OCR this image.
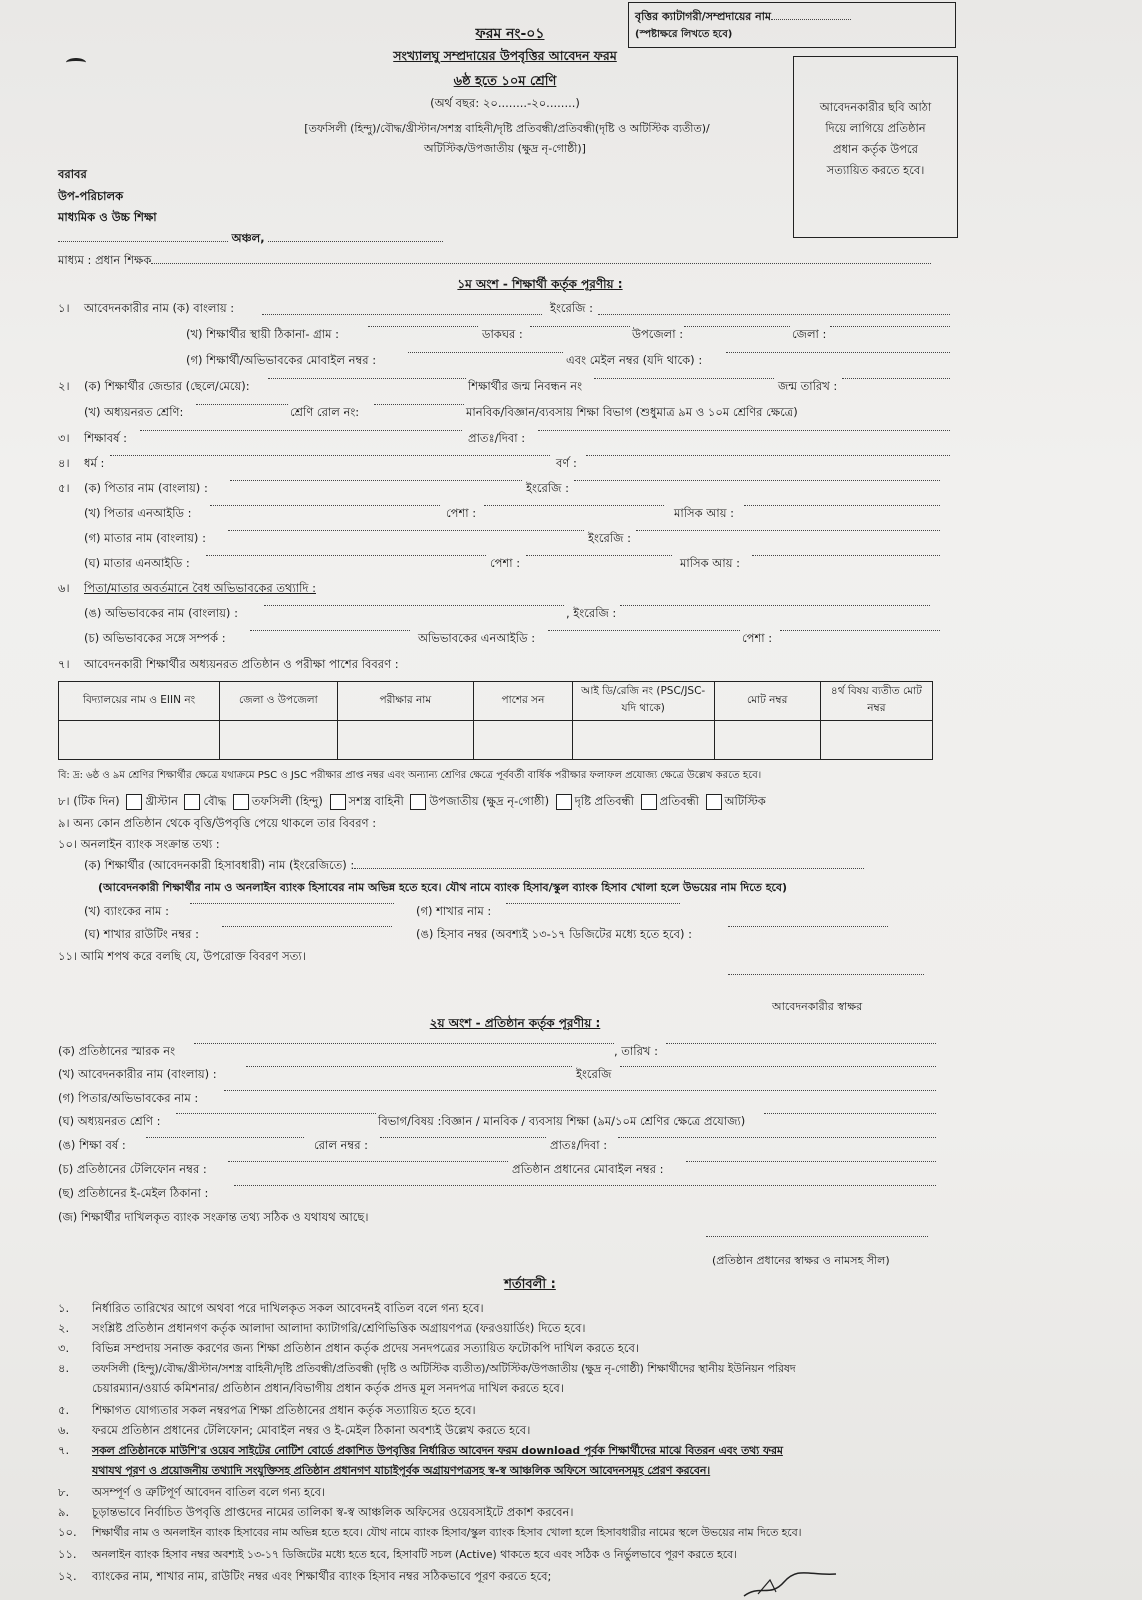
ফরম নং-০১
বৃত্তির ক্যাটাগরী/সম্প্রদায়ের নাম
(স্পষ্টাক্ষরে লিখতে হবে)
সংখ্যালঘু সম্প্রদায়ের উপবৃত্তির আবেদন ফরম
৬ষ্ঠ হতে ১০ম শ্রেণি
(অর্থ বছর: ২০........-২০........)
[তফসিলী (হিন্দু)/বৌদ্ধ/খ্রীস্টান/সশস্ত্র বাহিনী/দৃষ্টি প্রতিবন্ধী/প্রতিবন্ধী(দৃষ্টি ও অটিস্টিক ব্যতীত)/
অটিস্টিক/উপজাতীয় (ক্ষুদ্র নৃ-গোষ্ঠী)]
আবেদনকারীর ছবি আঠা
দিয়ে লাগিয়ে প্রতিষ্ঠান
প্রধান কর্তৃক উপরে
সত্যায়িত করতে হবে।
বরাবর
উপ-পরিচালক
মাধ্যমিক ও উচ্চ শিক্ষা
অঞ্চল,
মাধ্যম : প্রধান শিক্ষক
১ম অংশ - শিক্ষার্থী কর্তৃক পূরণীয় :
১। আবেদনকারীর নাম (ক) বাংলায় :	ইংরেজি :
(খ) শিক্ষার্থীর স্থায়ী ঠিকানা- গ্রাম :	ডাকঘর :	উপজেলা :	জেলা :
(গ) শিক্ষার্থী/অভিভাবকের মোবাইল নম্বর :	এবং মেইল নম্বর (যদি থাকে) :
২। (ক) শিক্ষার্থীর জেন্ডার (ছেলে/মেয়ে):	শিক্ষার্থীর জন্ম নিবন্ধন নং	জন্ম তারিখ :
(খ) অধ্যয়নরত শ্রেণি:	শ্রেণি রোল নং:	মানবিক/বিজ্ঞান/ব্যবসায় শিক্ষা বিভাগ (শুধুমাত্র ৯ম ও ১০ম শ্রেণির ক্ষেত্রে)
৩। শিক্ষাবর্ষ :	প্রাতঃ/দিবা :
৪। ধর্ম :	বর্ণ :
৫। (ক) পিতার নাম (বাংলায়) :	ইংরেজি :
(খ) পিতার এনআইডি :	পেশা :	মাসিক আয় :
(গ) মাতার নাম (বাংলায়) :	ইংরেজি :
(ঘ) মাতার এনআইডি :	পেশা :	মাসিক আয় :
৬। পিতা/মাতার অবর্তমানে বৈধ অভিভাবকের তথ্যাদি :
(ঙ) অভিভাবকের নাম (বাংলায়) :	, ইংরেজি :
(চ) অভিভাবকের সঙ্গে সম্পর্ক :	অভিভাবকের এনআইডি :	পেশা :
৭। আবেদনকারী শিক্ষার্থীর অধ্যয়নরত প্রতিষ্ঠান ও পরীক্ষা পাশের বিবরণ :
বিদ্যালয়ের নাম ও EIIN নং	জেলা ও উপজেলা	পরীক্ষার নাম	পাশের সন	আই ডি/রেজি নং (PSC/JSC- যদি থাকে)	মোট নম্বর	৪র্থ বিষয় ব্যতীত মোট নম্বর

বি: দ্র: ৬ষ্ঠ ও ৯ম শ্রেণির শিক্ষার্থীর ক্ষেত্রে যথাক্রমে PSC ও JSC পরীক্ষার প্রাপ্ত নম্বর এবং অন্যান্য শ্রেণির ক্ষেত্রে পূর্ববর্তী বার্ষিক পরীক্ষার ফলাফল প্রযোজ্য ক্ষেত্রে উল্লেখ করতে হবে।
৮। (টিক দিন) খ্রীস্টান বৌদ্ধ তফসিলী (হিন্দু) সশস্ত্র বাহিনী উপজাতীয় (ক্ষুদ্র নৃ-গোষ্ঠী) দৃষ্টি প্রতিবন্ধী প্রতিবন্ধী অটিস্টিক
৯। অন্য কোন প্রতিষ্ঠান থেকে বৃত্তি/উপবৃত্তি পেয়ে থাকলে তার বিবরণ :
১০। অনলাইন ব্যাংক সংক্রান্ত তথ্য :
(ক) শিক্ষার্থীর (আবেদনকারী হিসাবধারী) নাম (ইংরেজিতে) :
(আবেদনকারী শিক্ষার্থীর নাম ও অনলাইন ব্যাংক হিসাবের নাম অভিন্ন হতে হবে। যৌথ নামে ব্যাংক হিসাব/স্কুল ব্যাংক হিসাব খোলা হলে উভয়ের নাম দিতে হবে)
(খ) ব্যাংকের নাম :	(গ) শাখার নাম :
(ঘ) শাখার রাউটিং নম্বর :	(ঙ) হিসাব নম্বর (অবশ্যই ১৩-১৭ ডিজিটের মধ্যে হতে হবে) :
১১। আমি শপথ করে বলছি যে, উপরোক্ত বিবরণ সত্য।
আবেদনকারীর স্বাক্ষর
২য় অংশ - প্রতিষ্ঠান কর্তৃক পূরণীয় :
(ক) প্রতিষ্ঠানের স্মারক নং	, তারিখ :
(খ) আবেদনকারীর নাম (বাংলায়) :	ইংরেজি
(গ) পিতার/অভিভাবকের নাম :
(ঘ) অধ্যয়নরত শ্রেণি :	বিভাগ/বিষয় :বিজ্ঞান / মানবিক / ব্যবসায় শিক্ষা (৯ম/১০ম শ্রেণির ক্ষেত্রে প্রযোজ্য)
(ঙ) শিক্ষা বর্ষ :	রোল নম্বর :	প্রাতঃ/দিবা :
(চ) প্রতিষ্ঠানের টেলিফোন নম্বর :	প্রতিষ্ঠান প্রধানের মোবাইল নম্বর :
(ছ) প্রতিষ্ঠানের ই-মেইল ঠিকানা :
(জ) শিক্ষার্থীর দাখিলকৃত ব্যাংক সংক্রান্ত তথ্য সঠিক ও যথাযথ আছে।
(প্রতিষ্ঠান প্রধানের স্বাক্ষর ও নামসহ সীল)
শর্তাবলী :
১. নির্ধারিত তারিখের আগে অথবা পরে দাখিলকৃত সকল আবেদনই বাতিল বলে গন্য হবে।
২. সংশ্লিষ্ট প্রতিষ্ঠান প্রধানগণ কর্তৃক আলাদা আলাদা ক্যাটাগরি/শ্রেণিভিত্তিক অগ্রায়ণপত্র (ফরওয়ার্ডিং) দিতে হবে।
৩. বিভিন্ন সম্প্রদায় সনাক্ত করণের জন্য শিক্ষা প্রতিষ্ঠান প্রধান কর্তৃক প্রদেয় সনদপত্রের সত্যায়িত ফটোকপি দাখিল করতে হবে।
৪. তফসিলী (হিন্দু)/বৌদ্ধ/খ্রীস্টান/সশস্ত্র বাহিনী/দৃষ্টি প্রতিবন্ধী/প্রতিবন্ধী (দৃষ্টি ও অটিস্টিক ব্যতীত)/অটিস্টিক/উপজাতীয় (ক্ষুদ্র নৃ-গোষ্ঠী) শিক্ষার্থীদের স্থানীয় ইউনিয়ন পরিষদ
চেয়ারম্যান/ওয়ার্ড কমিশনার/ প্রতিষ্ঠান প্রধান/বিভাগীয় প্রধান কর্তৃক প্রদত্ত মূল সনদপত্র দাখিল করতে হবে।
৫. শিক্ষাগত যোগ্যতার সকল নম্বরপত্র শিক্ষা প্রতিষ্ঠানের প্রধান কর্তৃক সত্যায়িত হতে হবে।
৬. ফরমে প্রতিষ্ঠান প্রধানের টেলিফোন; মোবাইল নম্বর ও ই-মেইল ঠিকানা অবশ্যই উল্লেখ করতে হবে।
৭. সকল প্রতিষ্ঠানকে মাউশি'র ওয়েব সাইটের নোটিশ বোর্ডে প্রকাশিত উপবৃত্তির নির্ধারিত আবেদন ফরম download পূর্বক শিক্ষার্থীদের মাঝে বিতরন এবং তথ্য ফরম
যথাযথ পূরণ ও প্রয়োজনীয় তথ্যাদি সংযুক্তিসহ প্রতিষ্ঠান প্রধানগণ যাচাইপূর্বক অগ্রায়ণপত্রসহ স্ব-স্ব আঞ্চলিক অফিসে আবেদনসমূহ প্রেরণ করবেন।
৮. অসম্পূর্ণ ও ত্রুটিপূর্ণ আবেদন বাতিল বলে গন্য হবে।
৯. চূড়ান্তভাবে নির্বাচিত উপবৃত্তি প্রাপ্তদের নামের তালিকা স্ব-স্ব আঞ্চলিক অফিসের ওয়েবসাইটে প্রকাশ করবেন।
১০. শিক্ষার্থীর নাম ও অনলাইন ব্যাংক হিসাবের নাম অভিন্ন হতে হবে। যৌথ নামে ব্যাংক হিসাব/স্কুল ব্যাংক হিসাব খোলা হলে হিসাবধারীর নামের স্থলে উভয়ের নাম দিতে হবে।
১১. অনলাইন ব্যাংক হিসাব নম্বর অবশ্যই ১৩-১৭ ডিজিটের মধ্যে হতে হবে, হিসাবটি সচল (Active) থাকতে হবে এবং সঠিক ও নির্ভুলভাবে পূরণ করতে হবে।
১২. ব্যাংকের নাম, শাখার নাম, রাউটিং নম্বর এবং শিক্ষার্থীর ব্যাংক হিসাব নম্বর সঠিকভাবে পূরণ করতে হবে;
